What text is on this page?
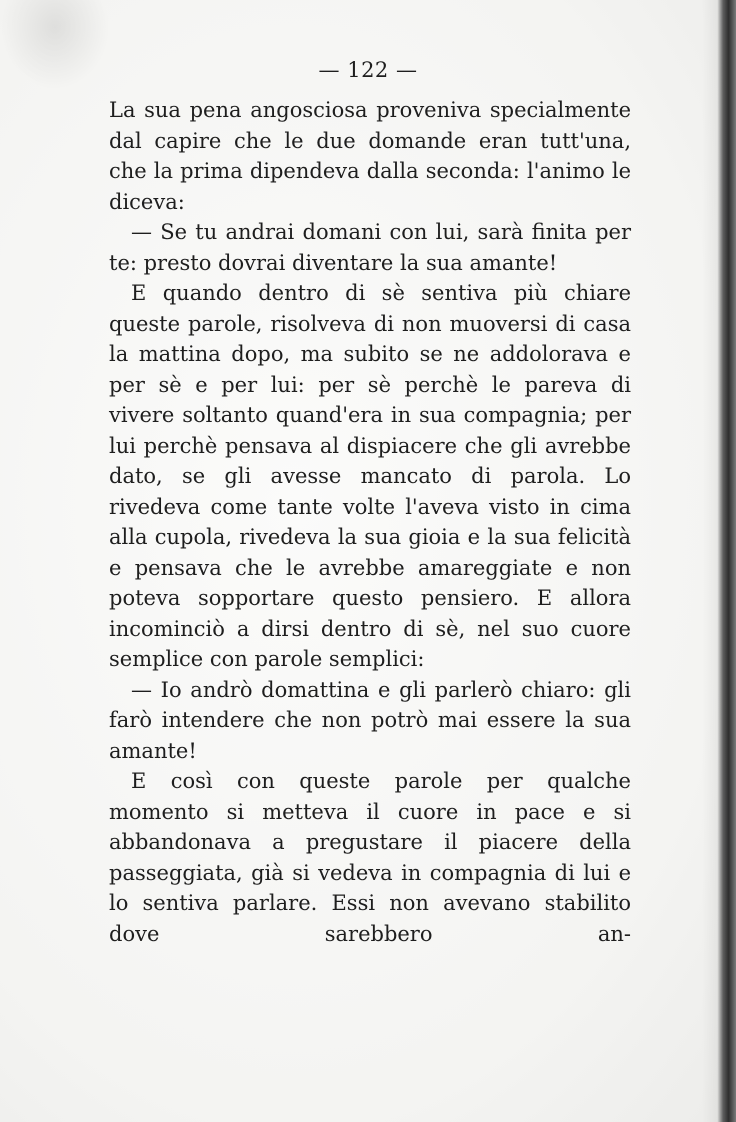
— 122 —

La sua pena angosciosa proveniva specialmente dal capire che le due domande eran tutt'una, che la prima dipendeva dalla seconda: l'animo le diceva:

— Se tu andrai domani con lui, sarà finita per te: presto dovrai diventare la sua amante!

E quando dentro di sè sentiva più chiare queste parole, risolveva di non muoversi di casa la mattina dopo, ma subito se ne addolorava e per sè e per lui: per sè perchè le pareva di vivere soltanto quand'era in sua compagnia; per lui perchè pensava al dispiacere che gli avrebbe dato, se gli avesse mancato di parola. Lo rivedeva come tante volte l'aveva visto in cima alla cupola, rivedeva la sua gioia e la sua felicità e pensava che le avrebbe amareggiate e non poteva sopportare questo pensiero. E allora incominciò a dirsi dentro di sè, nel suo cuore semplice con parole semplici:

— Io andrò domattina e gli parlerò chiaro: gli farò intendere che non potrò mai essere la sua amante!

E così con queste parole per qualche momento si metteva il cuore in pace e si abbandonava a pregustare il piacere della passeggiata, già si vedeva in compagnia di lui e lo sentiva parlare. Essi non avevano stabilito dove sarebbero an-
